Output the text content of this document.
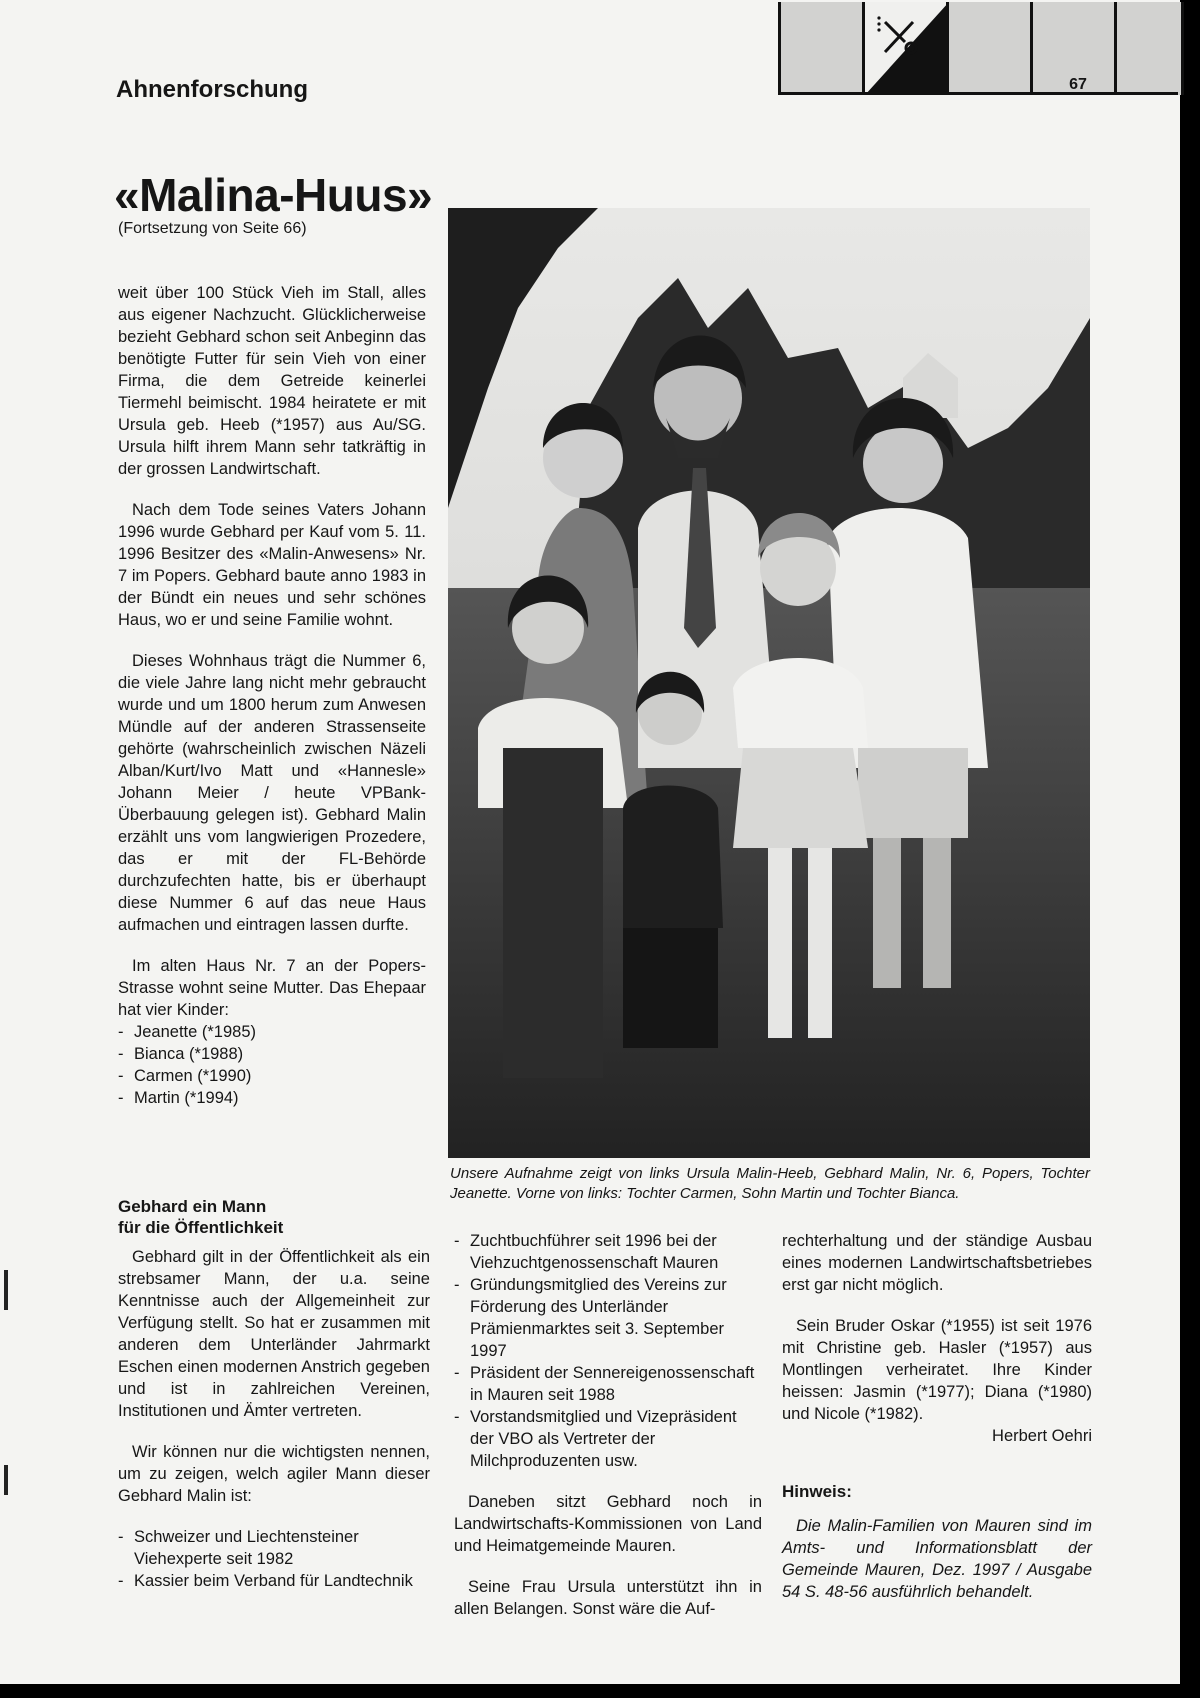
67
Ahnenforschung
«Malina-Huus»
(Fortsetzung von Seite 66)

weit über 100 Stück Vieh im Stall, alles aus eigener Nachzucht. Glücklicherweise bezieht Gebhard schon seit Anbeginn das benötigte Futter für sein Vieh von einer Firma, die dem Getreide keinerlei Tiermehl beimischt. 1984 heiratete er mit Ursula geb. Heeb (*1957) aus Au/SG. Ursula hilft ihrem Mann sehr tatkräftig in der grossen Landwirtschaft.

Nach dem Tode seines Vaters Johann 1996 wurde Gebhard per Kauf vom 5. 11. 1996 Besitzer des «Malin-Anwesens» Nr. 7 im Popers. Gebhard baute anno 1983 in der Bündt ein neues und sehr schönes Haus, wo er und seine Familie wohnt.

Dieses Wohnhaus trägt die Nummer 6, die viele Jahre lang nicht mehr gebraucht wurde und um 1800 herum zum Anwesen Mündle auf der anderen Strassenseite gehörte (wahrscheinlich zwischen Näzeli Alban/Kurt/Ivo Matt und «Hannesle» Johann Meier / heute VPBank-Überbauung gelegen ist). Gebhard Malin erzählt uns vom langwierigen Prozedere, das er mit der FL-Behörde durchzufechten hatte, bis er überhaupt diese Nummer 6 auf das neue Haus aufmachen und eintragen lassen durfte.

Im alten Haus Nr. 7 an der Popers-Strasse wohnt seine Mutter. Das Ehepaar hat vier Kinder:

- Jeanette (*1985)
- Bianca (*1988)
- Carmen (*1990)
- Martin (*1994)
Gebhard ein Mann
für die Öffentlichkeit

Gebhard gilt in der Öffentlichkeit als ein strebsamer Mann, der u.a. seine Kenntnisse auch der Allgemeinheit zur Verfügung stellt. So hat er zusammen mit anderen dem Unterländer Jahrmarkt Eschen einen modernen Anstrich gegeben und ist in zahlreichen Vereinen, Institutionen und Ämter vertreten.

Wir können nur die wichtigsten nennen, um zu zeigen, welch agiler Mann dieser Gebhard Malin ist:

- Schweizer und Liechtensteiner Viehexperte seit 1982
- Kassier beim Verband für Landtechnik
Unsere Aufnahme zeigt von links Ursula Malin-Heeb, Gebhard Malin, Nr. 6, Popers, Tochter Jeanette. Vorne von links: Tochter Carmen, Sohn Martin und Tochter Bianca.
- Zuchtbuchführer seit 1996 bei der Viehzuchtgenossenschaft Mauren
- Gründungsmitglied des Vereins zur Förderung des Unterländer Prämienmarktes seit 3. September 1997
- Präsident der Sennereigenossenschaft in Mauren seit 1988
- Vorstandsmitglied und Vizepräsident der VBO als Vertreter der Milchproduzenten usw.

Daneben sitzt Gebhard noch in Landwirtschafts-Kommissionen von Land und Heimatgemeinde Mauren.

Seine Frau Ursula unterstützt ihn in allen Belangen. Sonst wäre die Auf-

rechterhaltung und der ständige Ausbau eines modernen Landwirtschaftsbetriebes erst gar nicht möglich.

Sein Bruder Oskar (*1955) ist seit 1976 mit Christine geb. Hasler (*1957) aus Montlingen verheiratet. Ihre Kinder heissen: Jasmin (*1977); Diana (*1980) und Nicole (*1982).

Herbert Oehri

Hinweis:

Die Malin-Familien von Mauren sind im Amts- und Informationsblatt der Gemeinde Mauren, Dez. 1997 / Ausgabe 54 S. 48-56 ausführlich behandelt.
